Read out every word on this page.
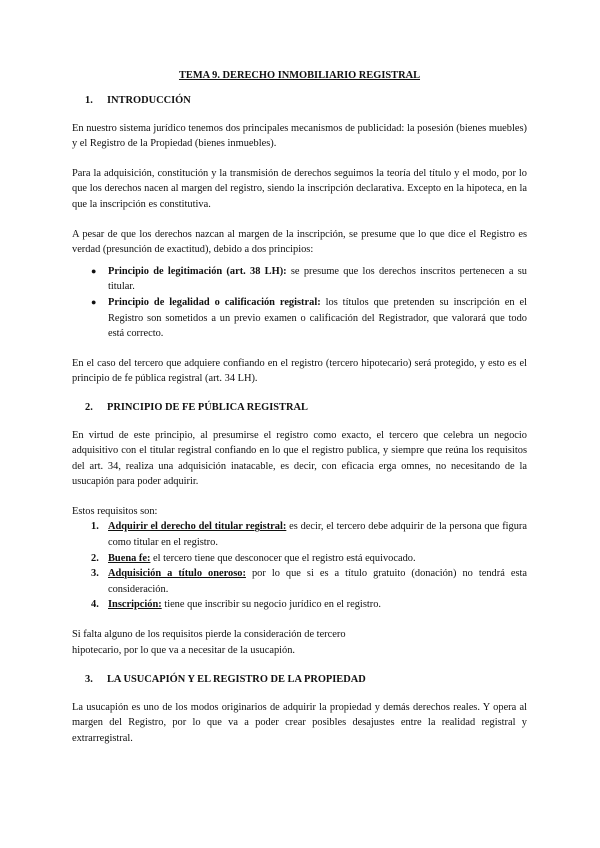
TEMA 9. DERECHO INMOBILIARIO REGISTRAL
1.	INTRODUCCIÓN

En nuestro sistema jurídico tenemos dos principales mecanismos de publicidad: la posesión (bienes muebles) y el Registro de la Propiedad (bienes inmuebles).

Para la adquisición, constitución y la transmisión de derechos seguimos la teoría del título y el modo, por lo que los derechos nacen al margen del registro, siendo la inscripción declarativa. Excepto en la hipoteca, en la que la inscripción es constitutiva.

A pesar de que los derechos nazcan al margen de la inscripción, se presume que lo que dice el Registro es verdad (presunción de exactitud), debido a dos principios:

● Principio de legitimación (art. 38 LH): se presume que los derechos inscritos pertenecen a su titular.
● Principio de legalidad o calificación registral: los títulos que pretenden su inscripción en el Registro son sometidos a un previo examen o calificación del Registrador, que valorará que todo está correcto.

En el caso del tercero que adquiere confiando en el registro (tercero hipotecario) será protegido, y esto es el principio de fe pública registral (art. 34 LH).

2.	PRINCIPIO DE FE PÚBLICA REGISTRAL

En virtud de este principio, al presumirse el registro como exacto, el tercero que celebra un negocio adquisitivo con el titular registral confiando en lo que el registro publica, y siempre que reúna los requisitos del art. 34, realiza una adquisición inatacable, es decir, con eficacia erga omnes, no necesitando de la usucapión para poder adquirir.

Estos requisitos son:

1. Adquirir el derecho del titular registral: es decir, el tercero debe adquirir de la persona que figura como titular en el registro.
2. Buena fe: el tercero tiene que desconocer que el registro está equivocado.
3. Adquisición a título oneroso: por lo que si es a título gratuito (donación) no tendrá esta consideración.
4. Inscripción: tiene que inscribir su negocio jurídico en el registro.

Si falta alguno de los requisitos pierde la consideración de tercero

hipotecario, por lo que va a necesitar de la usucapión.

3.	LA USUCAPIÓN Y EL REGISTRO DE LA PROPIEDAD

La usucapión es uno de los modos originarios de adquirir la propiedad y demás derechos reales. Y opera al margen del Registro, por lo que va a poder crear posibles desajustes entre la realidad registral y extrarregistral.
